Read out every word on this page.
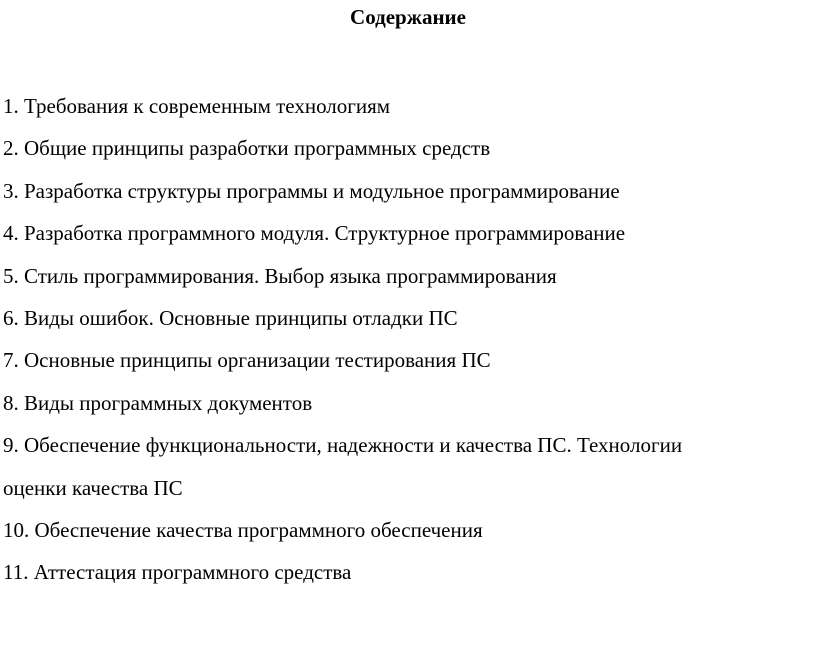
Содержание
1. Требования к современным технологиям
2. Общие принципы разработки программных средств
3. Разработка структуры программы и модульное программирование
4. Разработка программного модуля. Структурное программирование
5. Стиль программирования. Выбор языка программирования
6. Виды ошибок. Основные принципы отладки ПС
7. Основные принципы организации тестирования ПС
8. Виды программных документов
9. Обеспечение функциональности, надежности и качества ПС. Технологии
оценки качества ПС
10. Обеспечение качества программного обеспечения
11. Аттестация программного средства
